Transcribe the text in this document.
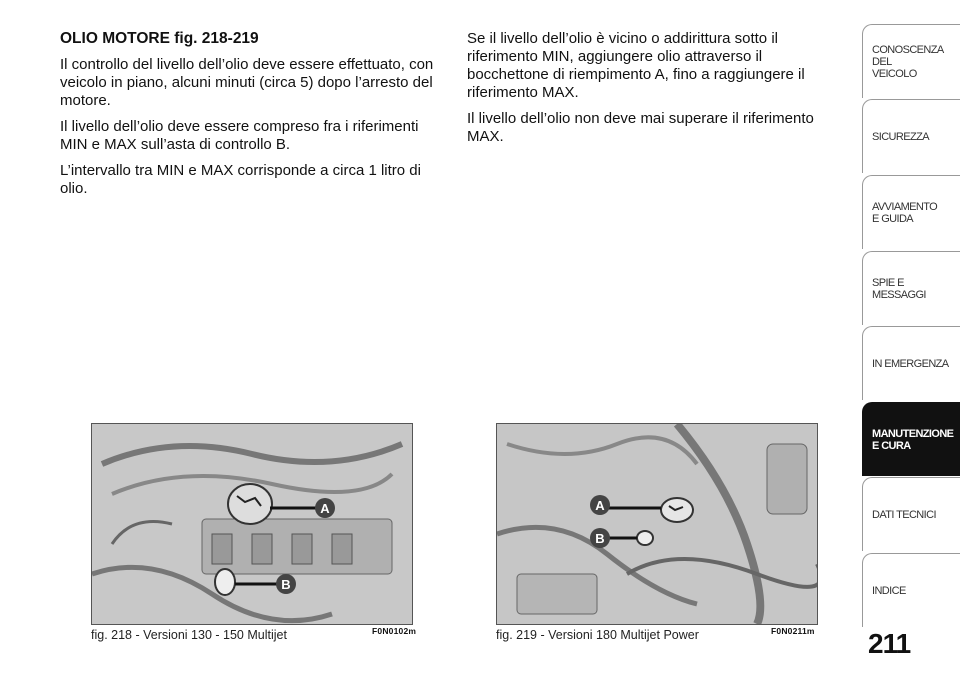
OLIO MOTORE fig. 218-219

Il controllo del livello dell’olio deve essere effettuato, con veicolo in piano, alcuni minuti (circa 5) dopo l’arresto del motore.

Il livello dell’olio deve essere compreso fra i riferimenti MIN e MAX sull’asta di controllo B.

L’intervallo tra MIN e MAX corrisponde a circa 1 litro di olio.

Se il livello dell’olio è vicino o addirittura sotto il riferimento MIN, aggiungere olio attraverso il bocchettone di riempimento A, fino a raggiungere il riferimento MAX.

Il livello dell’olio non deve mai superare il riferimento MAX.

A
B
fig. 218 - Versioni 130 - 150 Multijet	F0N0102m
A
B
fig. 219 - Versioni 180 Multijet Power	F0N0211m 211
CONOSCENZA
DEL
VEICOLO
SICUREZZA
AVVIAMENTO
E GUIDA
SPIE E
MESSAGGI
IN EMERGENZA
MANUTENZIONE
E CURA
DATI TECNICI
INDICE
